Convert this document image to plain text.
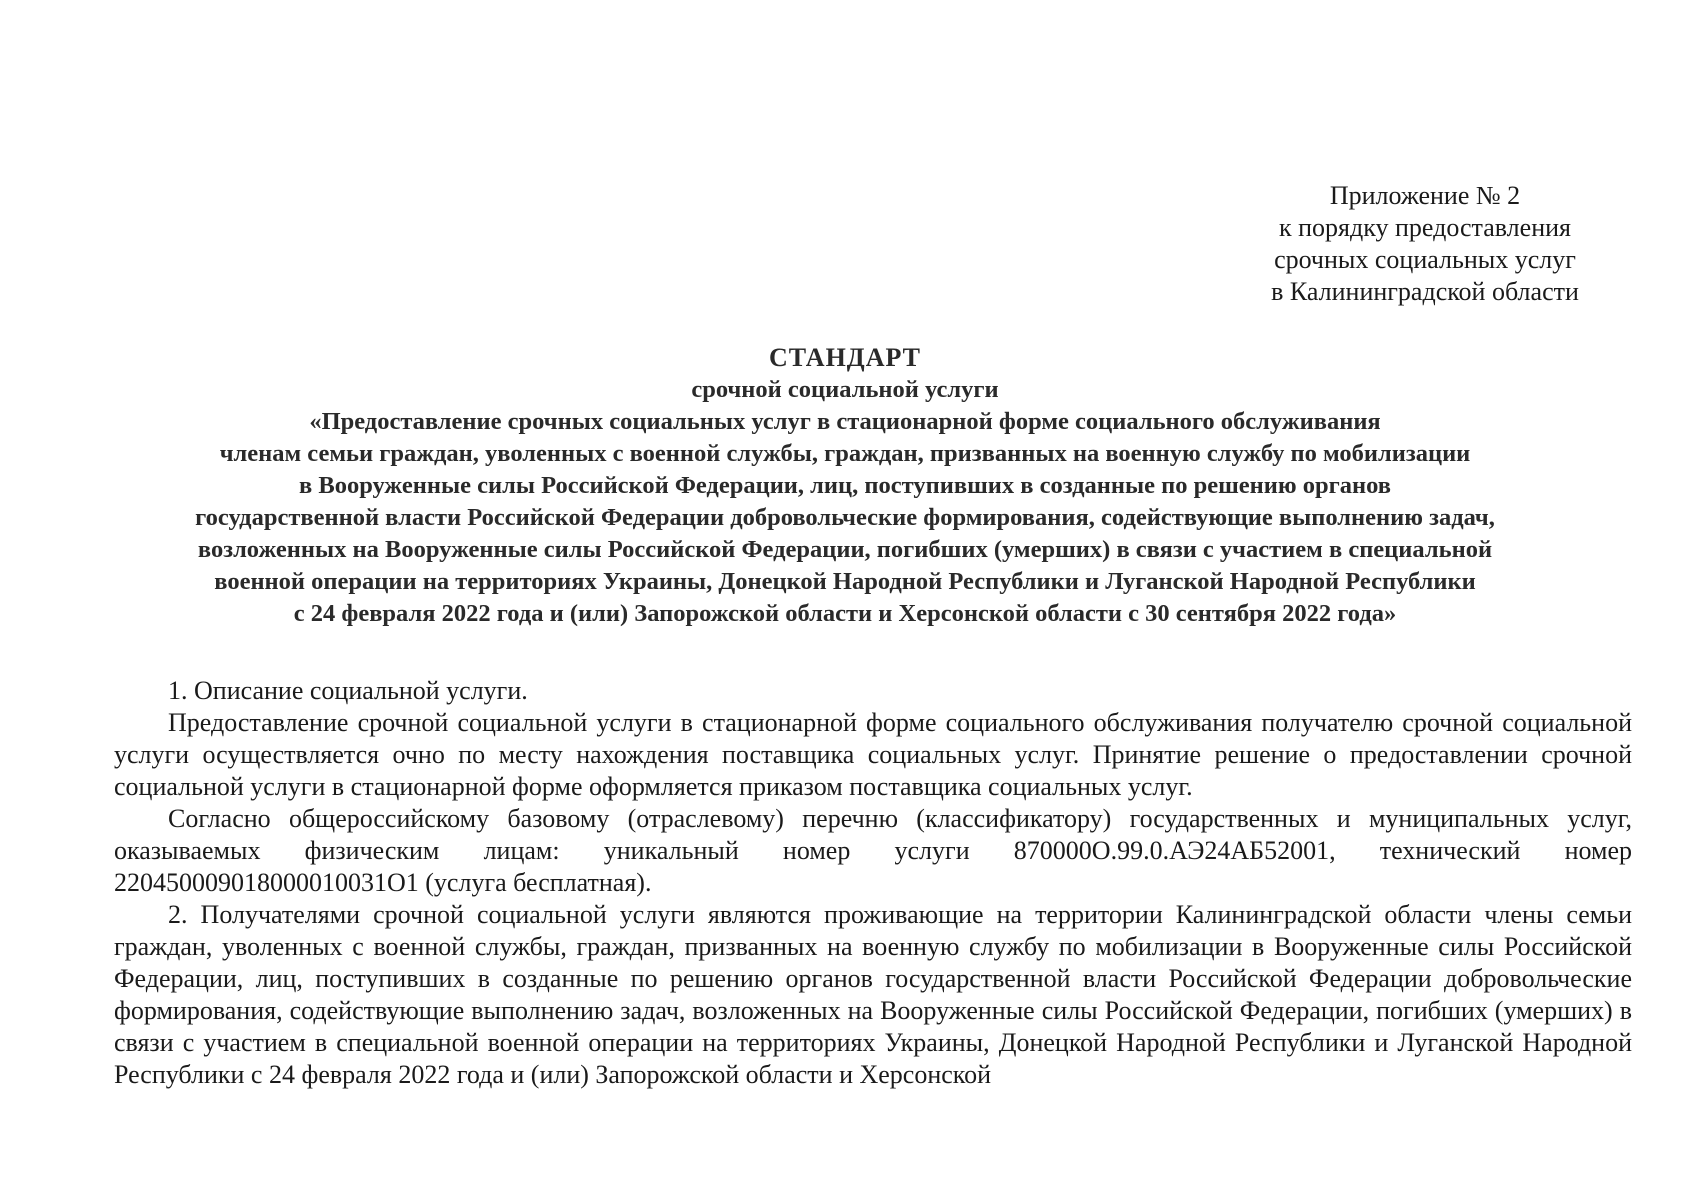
Приложение № 2
к порядку предоставления
срочных социальных услуг
в Калининградской области
СТАНДАРТ
срочной социальной услуги
«Предоставление срочных социальных услуг в стационарной форме социального обслуживания
членам семьи граждан, уволенных с военной службы, граждан, призванных на военную службу по мобилизации
в Вооруженные силы Российской Федерации, лиц, поступивших в созданные по решению органов
государственной власти Российской Федерации добровольческие формирования, содействующие выполнению задач,
возложенных на Вооруженные силы Российской Федерации, погибших (умерших) в связи с участием в специальной
военной операции на территориях Украины, Донецкой Народной Республики и Луганской Народной Республики
с 24 февраля 2022 года и (или) Запорожской области и Херсонской области с 30 сентября 2022 года»

1. Описание социальной услуги.

Предоставление срочной социальной услуги в стационарной форме социального обслуживания получателю срочной социальной услуги осуществляется очно по месту нахождения поставщика социальных услуг. Принятие решение о предоставлении срочной социальной услуги в стационарной форме оформляется приказом поставщика социальных услуг.

Согласно общероссийскому базовому (отраслевому) перечню (классификатору) государственных и муниципальных услуг, оказываемых физическим лицам: уникальный номер услуги 870000О.99.0.АЭ24АБ52001, технический номер 220450009018000010031О1 (услуга бесплатная).

2. Получателями срочной социальной услуги являются проживающие на территории Калининградской области члены семьи граждан, уволенных с военной службы, граждан, призванных на военную службу по мобилизации в Вооруженные силы Российской Федерации, лиц, поступивших в созданные по решению органов государственной власти Российской Федерации добровольческие формирования, содействующие выполнению задач, возложенных на Вооруженные силы Российской Федерации, погибших (умерших) в связи с участием в специальной военной операции на территориях Украины, Донецкой Народной Республики и Луганской Народной Республики с 24 февраля 2022 года и (или) Запорожской области и Херсонской
